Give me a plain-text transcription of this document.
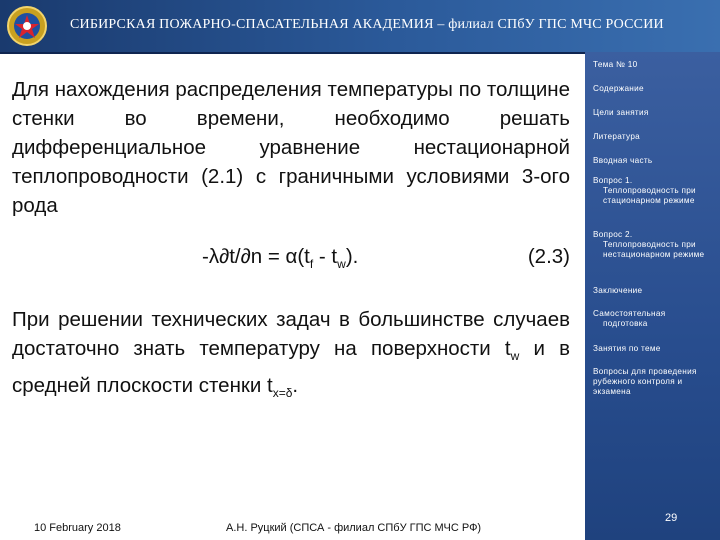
СИБИРСКАЯ ПОЖАРНО-СПАСАТЕЛЬНАЯ АКАДЕМИЯ – филиал СПбУ ГПС МЧС РОССИИ

Для нахождения распределения температуры по толщине стенки во времени, необходимо решать дифференциальное уравнение нестационарной теплопроводности (2.1) с граничными условиями 3-ого рода

$-\lambda\partial t/\partial n = \alpha(t_f - t_w)$.	(2.3)

При решении технических задач в большинстве случаев достаточно знать температуру на поверхности $t_w$ и в средней плоскости стенки $t_{x=\delta}$.

Тема № 10
Содержание
Цели занятия
Литература
Вводная часть
Вопрос 1.
Теплопроводность при стационарном режиме
Вопрос 2.
Теплопроводность при нестационарном режиме
Заключение
Самостоятельная
подготовка
Занятия по теме
Вопросы для проведения рубежного контроля и экзамена
29
10 February 2018	А.Н. Руцкий (СПСА - филиал СПбУ ГПС МЧС РФ)
